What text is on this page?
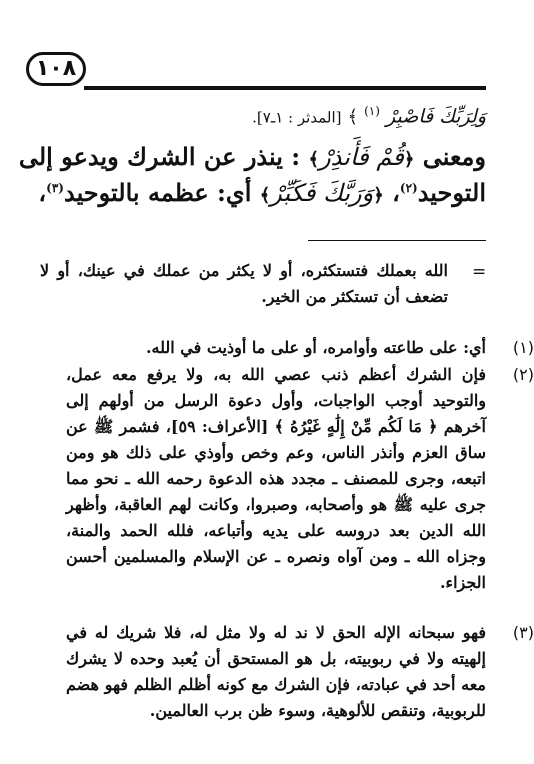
١٠٨
وَلِرَبِّكَ فَاصْبِرْ $^{(١)}$ ﴾ [المدثر : ١ـ٧].
ومعنى ﴿قُمْ فَأَنذِرْ﴾ : ينذر عن الشرك ويدعو إلى
التوحيد$^{(٢)}$، ﴿وَرَبَّكَ فَكَبِّرْ﴾ أي: عظمه بالتوحيد$^{(٣)}$،
=
الله بعملك فتستكثره، أو لا يكثر من عملك في عينك، أو لا تضعف أن تستكثر من الخير.
أي: على طاعته وأوامره، أو على ما أوذيت في الله. (١)
فإن الشرك أعظم ذنب عصي الله به، ولا يرفع معه عمل، والتوحيد أوجب الواجبات، وأول دعوة الرسل من أولهم إلى آخرهم ﴿ مَا لَكُم مِّنْ إِلَٰهٍ غَيْرُهُ ﴾ [الأعراف: ٥٩]، فشمر ﷺ عن ساق العزم وأنذر الناس، وعم وخص وأوذي على ذلك هو ومن اتبعه، وجرى للمصنف ـ مجدد هذه الدعوة رحمه الله ـ نحو مما جرى عليه ﷺ هو وأصحابه، وصبروا، وكانت لهم العاقبة، وأظهر الله الدين بعد دروسه على يديه وأتباعه، فلله الحمد والمنة، وجزاه الله ـ ومن آواه ونصره ـ عن الإسلام والمسلمين أحسن الجزاء.
(٢)
فهو سبحانه الإله الحق لا ند له ولا مثل له، فلا شريك له في إلهيته ولا في ربوبيته، بل هو المستحق أن يُعبد وحده لا يشرك معه أحد في عبادته، فإن الشرك مع كونه أظلم الظلم فهو هضم للربوبية، وتنقص للألوهية، وسوء ظن برب العالمين.
(٣)
